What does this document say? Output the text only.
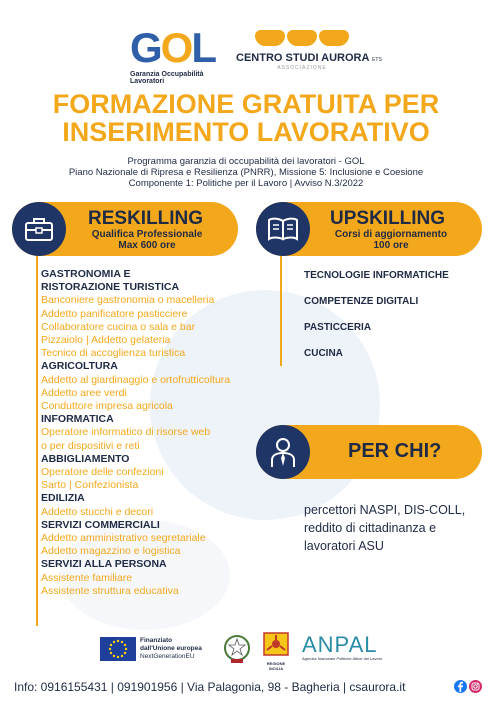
GOL
Garanzia Occupabilità Lavoratori
CENTRO STUDI AURORA ETS
ASSOCIAZIONE
FORMAZIONE GRATUITA PER
INSERIMENTO LAVORATIVO
Programma garanzia di occupabilità dei lavoratori - GOL
Piano Nazionale di Ripresa e Resilienza (PNRR), Missione 5: Inclusione e Coesione
Componente 1: Politiche per il Lavoro | Avviso N.3/2022
RESKILLING
Qualifica Professionale
Max 600 ore
UPSKILLING
Corsi di aggiornamento
100 ore
GASTRONOMIA E
RISTORAZIONE TURISTICA
Banconiere gastronomia o macelleria
Addetto panificatore pasticciere
Collaboratore cucina o sala e bar
Pizzaiolo | Addetto gelateria
Tecnico di accoglienza turistica
AGRICOLTURA
Addetto al giardinaggio e ortofrutticoltura
Addetto aree verdi
Conduttore impresa agricola
INFORMATICA
Operatore informatico di risorse web
o per dispositivi e reti
ABBIGLIAMENTO
Operatore delle confezioni
Sarto | Confezionista
EDILIZIA
Addetto stucchi e decori
SERVIZI COMMERCIALI
Addetto amministrativo segretariale
Addetto magazzino e logistica
SERVIZI ALLA PERSONA
Assistente familiare
Assistente struttura educativa
TECNOLOGIE INFORMATICHE
COMPETENZE DIGITALI
PASTICCERIA
CUCINA
PER CHI?
percettori NASPI, DIS-COLL,
reddito di cittadinanza e
lavoratori ASU
Finanziato
dall'Unione europea
NextGenerationEU
REGIONE SICILIA
ANPAL
Agenzia Nazionale Politiche Attive del Lavoro
Info: 0916155431 | 091901956 | Via Palagonia, 98 - Bagheria | csaurora.it
